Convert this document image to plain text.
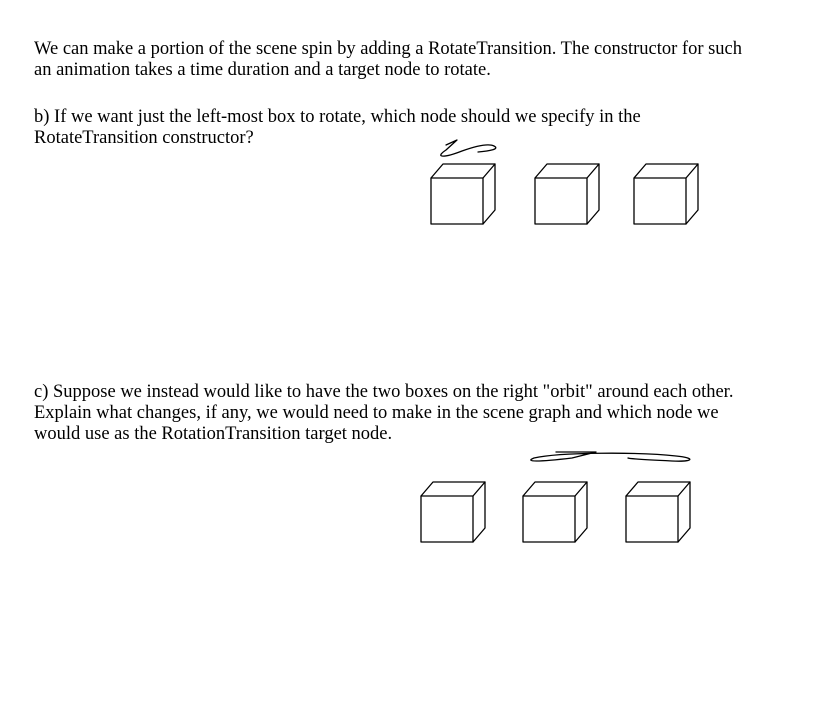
We can make a portion of the scene spin by adding a RotateTransition. The constructor for such
an animation takes a time duration and a target node to rotate.
b) If we want just the left-most box to rotate, which node should we specify in the
RotateTransition constructor?
c) Suppose we instead would like to have the two boxes on the right "orbit" around each other.
Explain what changes, if any, we would need to make in the scene graph and which node we
would use as the RotationTransition target node.
